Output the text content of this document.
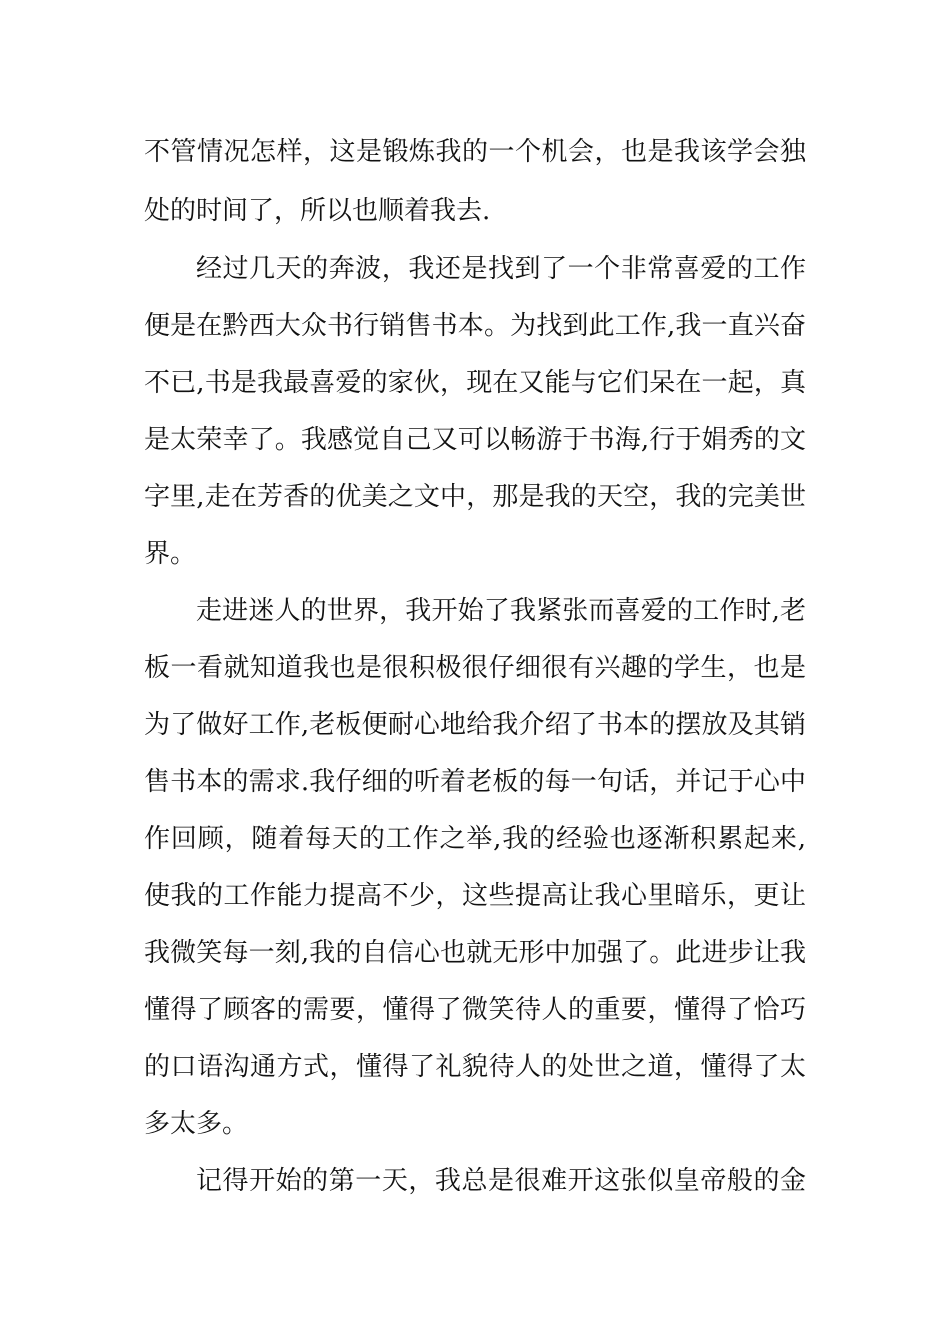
不管情况怎样，这是锻炼我的一个机会，也是我该学会独
处的时间了，所以也顺着我去.
经过几天的奔波，我还是找到了一个非常喜爱的工作
便是在黔西大众书行销售书本。为找到此工作,我一直兴奋
不已,书是我最喜爱的家伙，现在又能与它们呆在一起，真
是太荣幸了。我感觉自己又可以畅游于书海,行于娟秀的文
字里,走在芳香的优美之文中，那是我的天空，我的完美世
界。
走进迷人的世界，我开始了我紧张而喜爱的工作时,老
板一看就知道我也是很积极很仔细很有兴趣的学生，也是
为了做好工作,老板便耐心地给我介绍了书本的摆放及其销
售书本的需求.我仔细的听着老板的每一句话，并记于心中
作回顾，随着每天的工作之举,我的经验也逐渐积累起来,
使我的工作能力提高不少，这些提高让我心里暗乐，更让
我微笑每一刻,我的自信心也就无形中加强了。此进步让我
懂得了顾客的需要，懂得了微笑待人的重要，懂得了恰巧
的口语沟通方式，懂得了礼貌待人的处世之道，懂得了太
多太多。
记得开始的第一天，我总是很难开这张似皇帝般的金
